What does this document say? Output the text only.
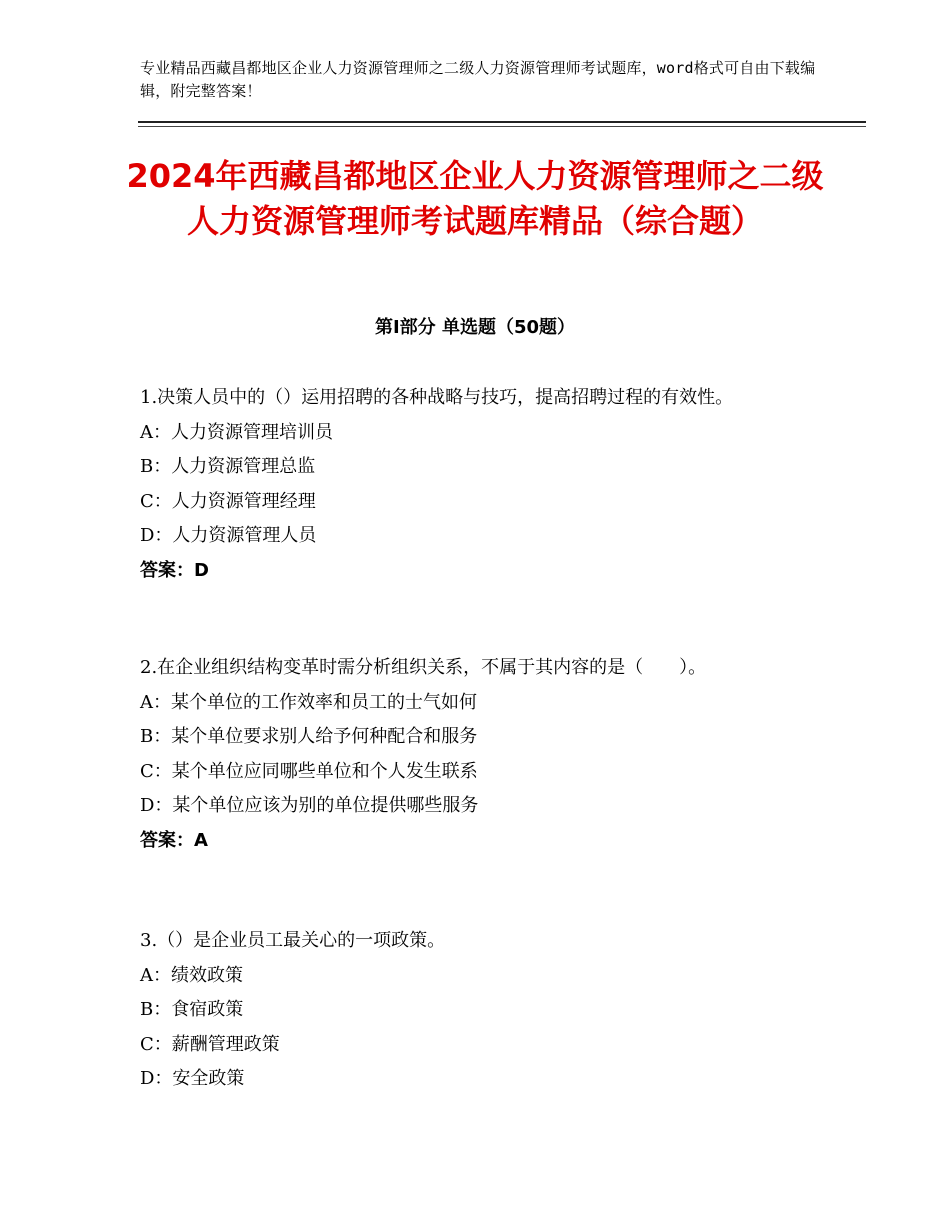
专业精品西藏昌都地区企业人力资源管理师之二级人力资源管理师考试题库，word格式可自由下载编辑，附完整答案！
2024年西藏昌都地区企业人力资源管理师之二级人力资源管理师考试题库精品（综合题）
第Ⅰ部分 单选题（50题）
1.决策人员中的（）运用招聘的各种战略与技巧，提高招聘过程的有效性。
A：人力资源管理培训员
B：人力资源管理总监
C：人力资源管理经理
D：人力资源管理人员
答案：D
2.在企业组织结构变革时需分析组织关系，不属于其内容的是（　　）。
A：某个单位的工作效率和员工的士气如何
B：某个单位要求别人给予何种配合和服务
C：某个单位应同哪些单位和个人发生联系
D：某个单位应该为别的单位提供哪些服务
答案：A
3.（）是企业员工最关心的一项政策。
A：绩效政策
B：食宿政策
C：薪酬管理政策
D：安全政策
